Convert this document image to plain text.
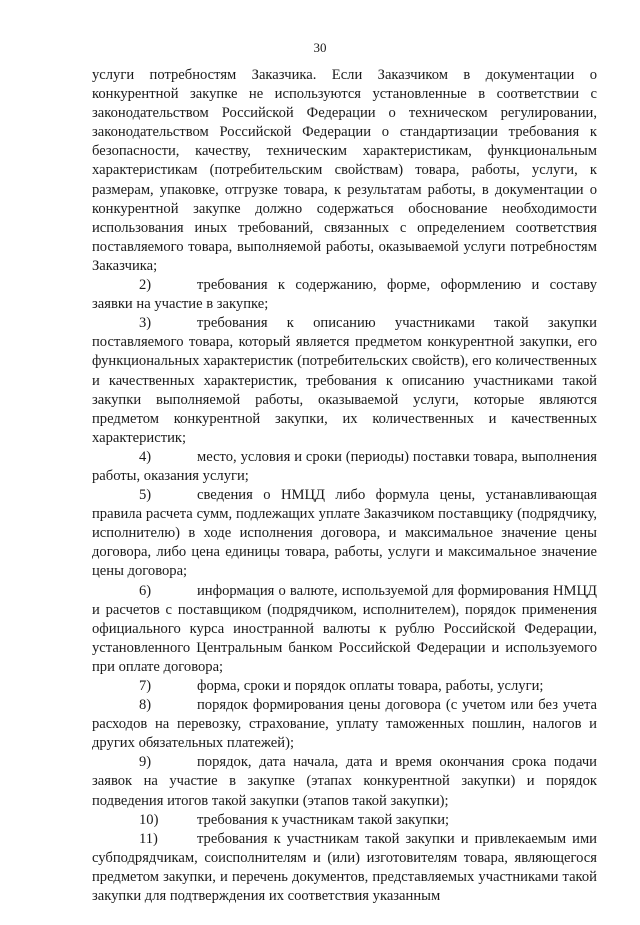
30

услуги потребностям Заказчика. Если Заказчиком в документации о конкурентной закупке не используются установленные в соответствии с законодательством Российской Федерации о техническом регулировании, законодательством Российской Федерации о стандартизации требования к безопасности, качеству, техническим характеристикам, функциональным характеристикам (потребительским свойствам) товара, работы, услуги, к размерам, упаковке, отгрузке товара, к результатам работы, в документации о конкурентной закупке должно содержаться обоснование необходимости использования иных требований, связанных с определением соответствия поставляемого товара, выполняемой работы, оказываемой услуги потребностям Заказчика;

2)	требования к содержанию, форме, оформлению и составу заявки на участие в закупке;

3)	требования к описанию участниками такой закупки поставляемого товара, который является предметом конкурентной закупки, его функциональных характеристик (потребительских свойств), его количественных и качественных характеристик, требования к описанию участниками такой закупки выполняемой работы, оказываемой услуги, которые являются предметом конкурентной закупки, их количественных и качественных характеристик;

4)	место, условия и сроки (периоды) поставки товара, выполнения работы, оказания услуги;

5)	сведения о НМЦД либо формула цены, устанавливающая правила расчета сумм, подлежащих уплате Заказчиком поставщику (подрядчику, исполнителю) в ходе исполнения договора, и максимальное значение цены договора, либо цена единицы товара, работы, услуги и максимальное значение цены договора;

6)	информация о валюте, используемой для формирования НМЦД и расчетов с поставщиком (подрядчиком, исполнителем), порядок применения официального курса иностранной валюты к рублю Российской Федерации, установленного Центральным банком Российской Федерации и используемого при оплате договора;

7)	форма, сроки и порядок оплаты товара, работы, услуги;

8)	порядок формирования цены договора (с учетом или без учета расходов на перевозку, страхование, уплату таможенных пошлин, налогов и других обязательных платежей);

9)	порядок, дата начала, дата и время окончания срока подачи заявок на участие в закупке (этапах конкурентной закупки) и порядок подведения итогов такой закупки (этапов такой закупки);

10)	требования к участникам такой закупки;

11)	требования к участникам такой закупки и привлекаемым ими субподрядчикам, соисполнителям и (или) изготовителям товара, являющегося предметом закупки, и перечень документов, представляемых участниками такой закупки для подтверждения их соответствия указанным
